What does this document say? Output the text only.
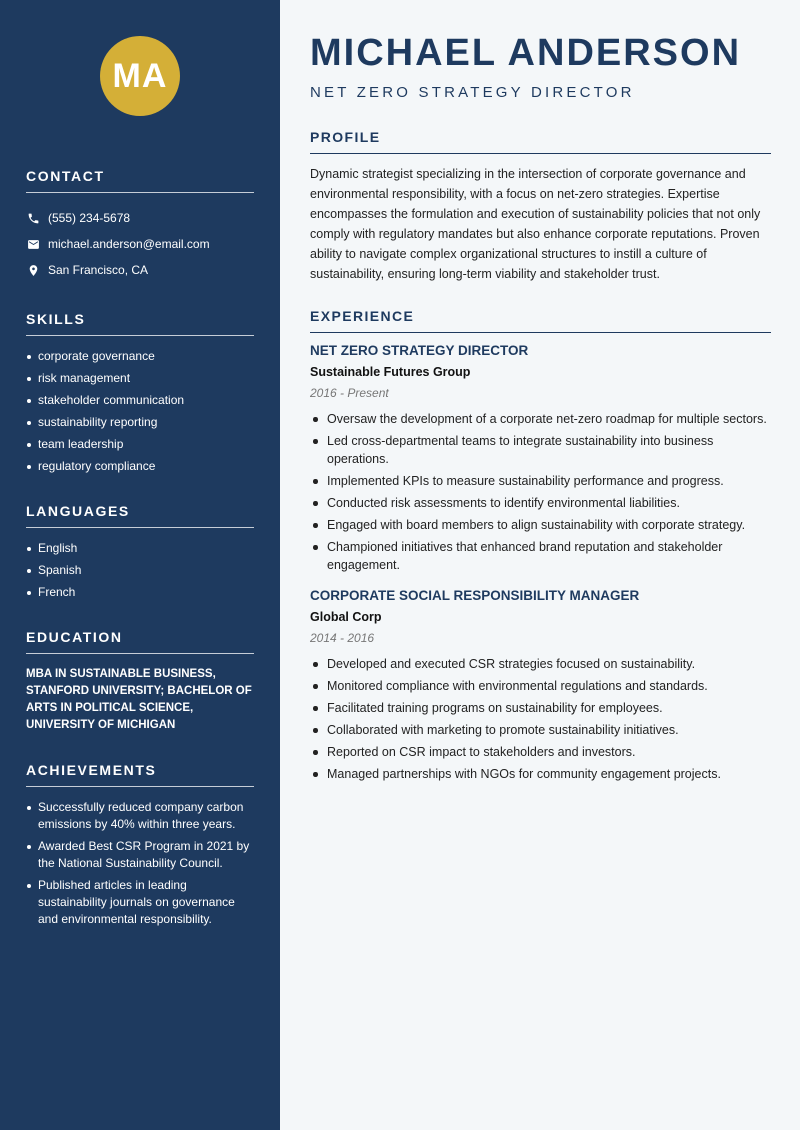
MA
CONTACT
(555) 234-5678
michael.anderson@email.com
San Francisco, CA
SKILLS
corporate governance
risk management
stakeholder communication
sustainability reporting
team leadership
regulatory compliance
LANGUAGES
English
Spanish
French
EDUCATION
MBA IN SUSTAINABLE BUSINESS, STANFORD UNIVERSITY; BACHELOR OF ARTS IN POLITICAL SCIENCE, UNIVERSITY OF MICHIGAN
ACHIEVEMENTS
Successfully reduced company carbon emissions by 40% within three years.
Awarded Best CSR Program in 2021 by the National Sustainability Council.
Published articles in leading sustainability journals on governance and environmental responsibility.
MICHAEL ANDERSON
NET ZERO STRATEGY DIRECTOR
PROFILE

Dynamic strategist specializing in the intersection of corporate governance and environmental responsibility, with a focus on net-zero strategies. Expertise encompasses the formulation and execution of sustainability policies that not only comply with regulatory mandates but also enhance corporate reputations. Proven ability to navigate complex organizational structures to instill a culture of sustainability, ensuring long-term viability and stakeholder trust.

EXPERIENCE
NET ZERO STRATEGY DIRECTOR
Sustainable Futures Group
2016 - Present
Oversaw the development of a corporate net-zero roadmap for multiple sectors.
Led cross-departmental teams to integrate sustainability into business operations.
Implemented KPIs to measure sustainability performance and progress.
Conducted risk assessments to identify environmental liabilities.
Engaged with board members to align sustainability with corporate strategy.
Championed initiatives that enhanced brand reputation and stakeholder engagement.
CORPORATE SOCIAL RESPONSIBILITY MANAGER
Global Corp
2014 - 2016
Developed and executed CSR strategies focused on sustainability.
Monitored compliance with environmental regulations and standards.
Facilitated training programs on sustainability for employees.
Collaborated with marketing to promote sustainability initiatives.
Reported on CSR impact to stakeholders and investors.
Managed partnerships with NGOs for community engagement projects.
